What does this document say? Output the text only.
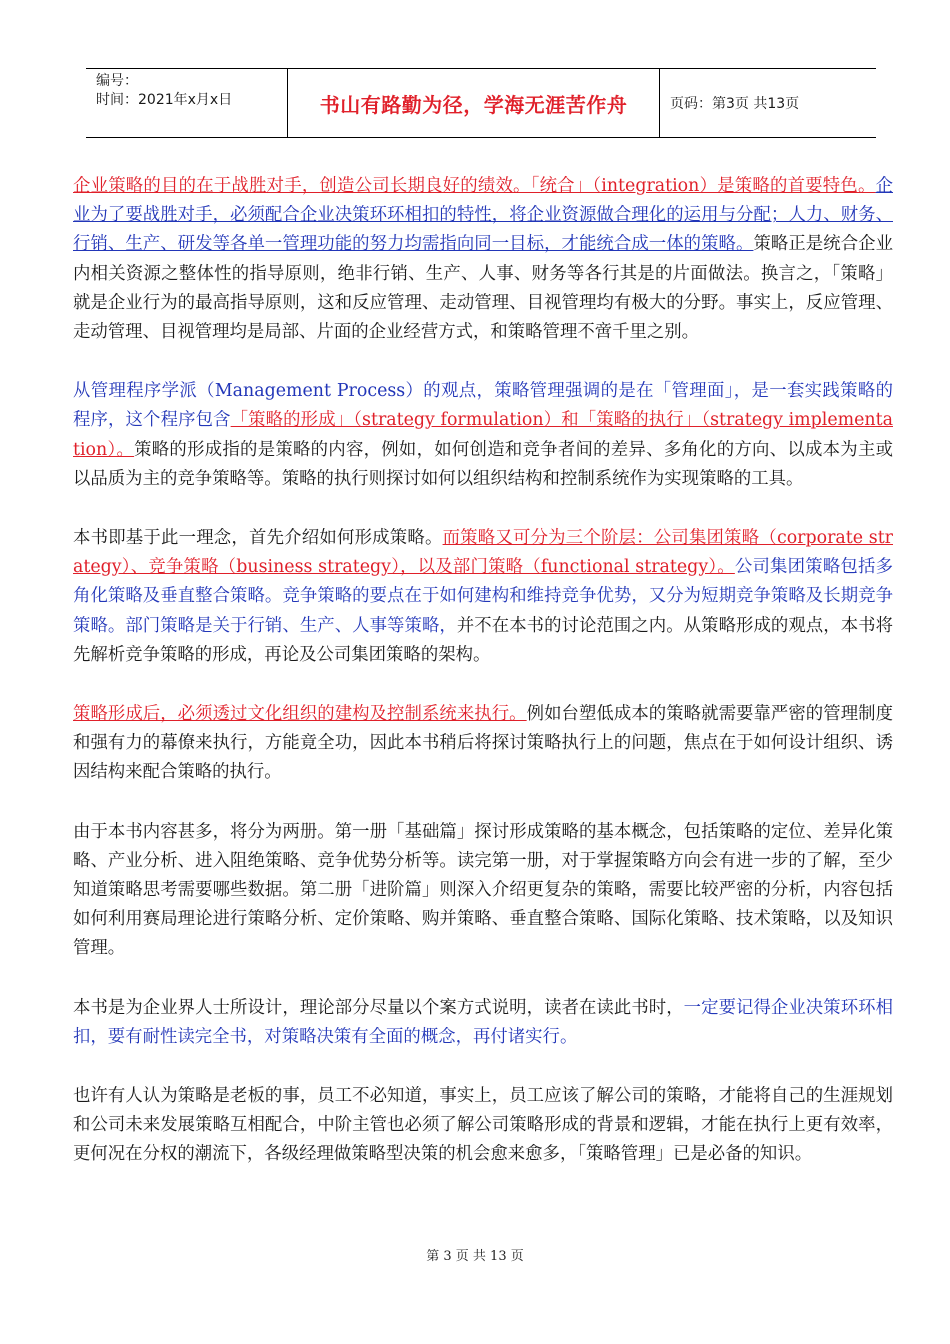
编号：
时间：2021年x月x日	书山有路勤为径，学海无涯苦作舟	页码：第3页 共13页

企业策略的目的在于战胜对手，创造公司长期良好的绩效。「统合」（integration）是策略的首要特色。企业为了要战胜对手，必须配合企业决策环环相扣的特性，将企业资源做合理化的运用与分配；人力、财务、行销、生产、研发等各单一管理功能的努力均需指向同一目标，才能统合成一体的策略。策略正是统合企业内相关资源之整体性的指导原则，绝非行销、生产、人事、财务等各行其是的片面做法。换言之，「策略」就是企业行为的最高指导原则，这和反应管理、走动管理、目视管理均有极大的分野。事实上，反应管理、走动管理、目视管理均是局部、片面的企业经营方式，和策略管理不啻千里之别。

从管理程序学派（Management Process）的观点，策略管理强调的是在「管理面」，是一套实践策略的程序，这个程序包含「策略的形成」（strategy formulation）和「策略的执行」（strategy implementation）。策略的形成指的是策略的内容，例如，如何创造和竞争者间的差异、多角化的方向、以成本为主或以品质为主的竞争策略等。策略的执行则探讨如何以组织结构和控制系统作为实现策略的工具。

本书即基于此一理念，首先介绍如何形成策略。而策略又可分为三个阶层：公司集团策略（corporate strategy）、竞争策略（business strategy），以及部门策略（functional strategy）。公司集团策略包括多角化策略及垂直整合策略。竞争策略的要点在于如何建构和维持竞争优势，又分为短期竞争策略及长期竞争策略。部门策略是关于行销、生产、人事等策略，并不在本书的讨论范围之内。从策略形成的观点，本书将先解析竞争策略的形成，再论及公司集团策略的架构。

策略形成后，必须透过文化组织的建构及控制系统来执行。例如台塑低成本的策略就需要靠严密的管理制度和强有力的幕僚来执行，方能竟全功，因此本书稍后将探讨策略执行上的问题，焦点在于如何设计组织、诱因结构来配合策略的执行。

由于本书内容甚多，将分为两册。第一册「基础篇」探讨形成策略的基本概念，包括策略的定位、差异化策略、产业分析、进入阻绝策略、竞争优势分析等。读完第一册，对于掌握策略方向会有进一步的了解，至少知道策略思考需要哪些数据。第二册「进阶篇」则深入介绍更复杂的策略，需要比较严密的分析，内容包括如何利用赛局理论进行策略分析、定价策略、购并策略、垂直整合策略、国际化策略、技术策略，以及知识管理。

本书是为企业界人士所设计，理论部分尽量以个案方式说明，读者在读此书时，一定要记得企业决策环环相扣，要有耐性读完全书，对策略决策有全面的概念，再付诸实行。

也许有人认为策略是老板的事，员工不必知道，事实上，员工应该了解公司的策略，才能将自己的生涯规划和公司未来发展策略互相配合，中阶主管也必须了解公司策略形成的背景和逻辑，才能在执行上更有效率，更何况在分权的潮流下，各级经理做策略型决策的机会愈来愈多，「策略管理」已是必备的知识。

第 3 页 共 13 页
